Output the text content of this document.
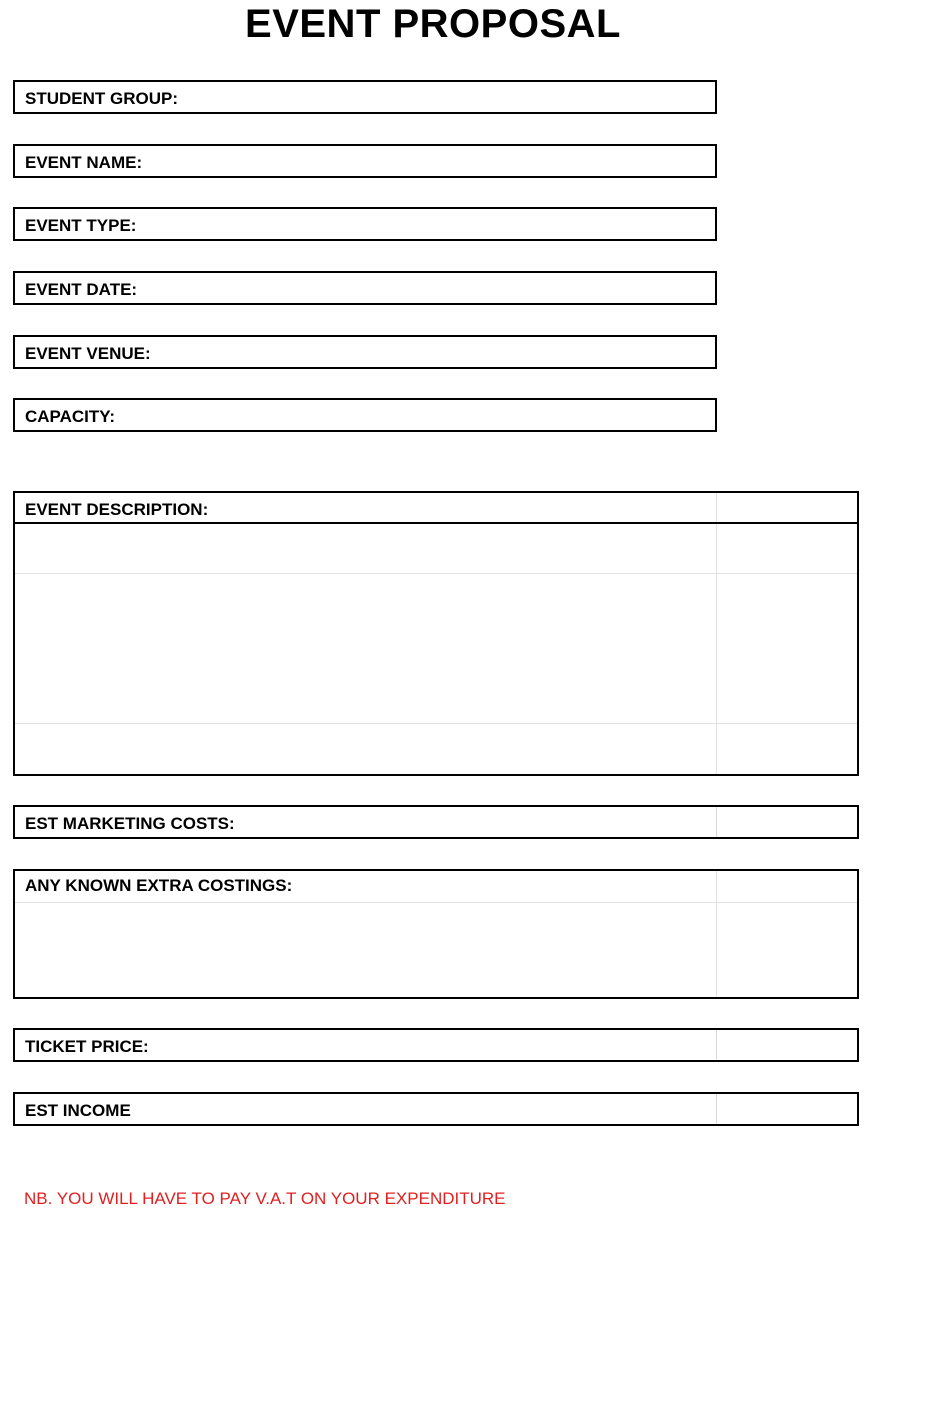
EVENT PROPOSAL
STUDENT GROUP:
EVENT NAME:
EVENT TYPE:
EVENT DATE:
EVENT VENUE:
CAPACITY:
EVENT DESCRIPTION:
EST MARKETING COSTS:
ANY KNOWN EXTRA COSTINGS:
TICKET PRICE:
EST INCOME
NB. YOU WILL HAVE TO PAY V.A.T ON YOUR EXPENDITURE
